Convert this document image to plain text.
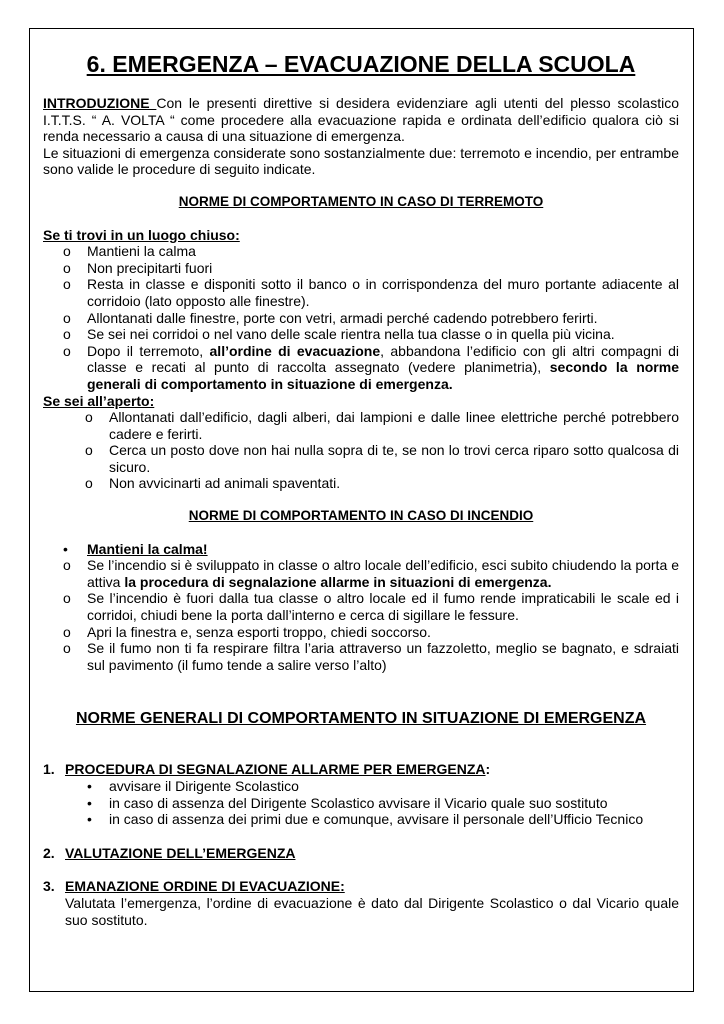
6. EMERGENZA – EVACUAZIONE DELLA SCUOLA

INTRODUZIONE Con le presenti direttive si desidera evidenziare agli utenti del plesso scolastico I.T.T.S. “ A. VOLTA “ come procedere alla evacuazione rapida e ordinata dell’edificio qualora ciò si renda necessario a causa di una situazione di emergenza.

Le situazioni di emergenza considerate sono sostanzialmente due: terremoto e incendio, per entrambe sono valide le procedure di seguito indicate.

NORME DI COMPORTAMENTO IN CASO DI TERREMOTO

Se ti trovi in un luogo chiuso:

o Mantieni la calma
o Non precipitarti fuori
o Resta in classe e disponiti sotto il banco o in corrispondenza del muro portante adiacente al corridoio (lato opposto alle finestre).
o Allontanati dalle finestre, porte con vetri, armadi perché cadendo potrebbero ferirti.
o Se sei nei corridoi o nel vano delle scale rientra nella tua classe o in quella più vicina.
o Dopo il terremoto, all’ordine di evacuazione, abbandona l’edificio con gli altri compagni di classe e recati al punto di raccolta assegnato (vedere planimetria), secondo la norme generali di comportamento in situazione di emergenza.

Se sei all’aperto:

o Allontanati dall’edificio, dagli alberi, dai lampioni e dalle linee elettriche perché potrebbero cadere e ferirti.
o Cerca un posto dove non hai nulla sopra di te, se non lo trovi cerca riparo sotto qualcosa di sicuro.
o Non avvicinarti ad animali spaventati.

NORME DI COMPORTAMENTO IN CASO DI INCENDIO

• Mantieni la calma!
o Se l’incendio si è sviluppato in classe o altro locale dell’edificio, esci subito chiudendo la porta e attiva la procedura di segnalazione allarme in situazioni di emergenza.
o Se l’incendio è fuori dalla tua classe o altro locale ed il fumo rende impraticabili le scale ed i corridoi, chiudi bene la porta dall’interno e cerca di sigillare le fessure.
o Apri la finestra e, senza esporti troppo, chiedi soccorso.
o Se il fumo non ti fa respirare filtra l’aria attraverso un fazzoletto, meglio se bagnato, e sdraiati sul pavimento (il fumo tende a salire verso l’alto)

NORME GENERALI DI COMPORTAMENTO IN SITUAZIONE DI EMERGENZA

1. PROCEDURA DI SEGNALAZIONE ALLARME PER EMERGENZA:
• avvisare il Dirigente Scolastico
• in caso di assenza del Dirigente Scolastico avvisare il Vicario quale suo sostituto
• in caso di assenza dei primi due e comunque, avvisare il personale dell’Ufficio Tecnico
2. VALUTAZIONE DELL’EMERGENZA
3. EMANAZIONE ORDINE DI EVACUAZIONE:

Valutata l’emergenza, l’ordine di evacuazione è dato dal Dirigente Scolastico o dal Vicario quale suo sostituto.
